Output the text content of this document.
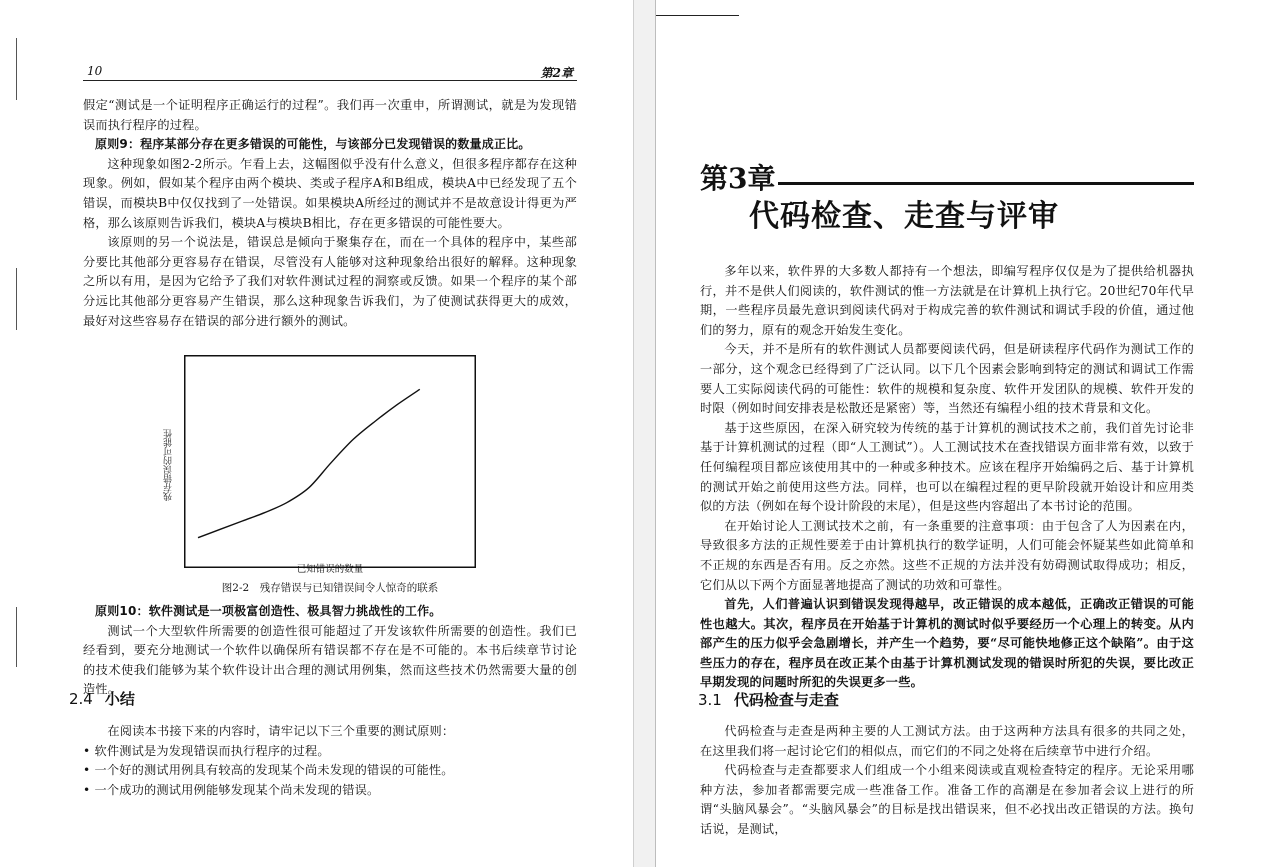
10	第2章

假定“测试是一个证明程序正确运行的过程”。我们再一次重申，所谓测试，就是为发现错误而执行程序的过程。

原则9：程序某部分存在更多错误的可能性，与该部分已发现错误的数量成正比。

这种现象如图2-2所示。乍看上去，这幅图似乎没有什么意义，但很多程序都存在这种现象。例如，假如某个程序由两个模块、类或子程序A和B组成，模块A中已经发现了五个错误，而模块B中仅仅找到了一处错误。如果模块A所经过的测试并不是故意设计得更为严格，那么该原则告诉我们，模块A与模块B相比，存在更多错误的可能性要大。

该原则的另一个说法是，错误总是倾向于聚集存在，而在一个具体的程序中，某些部分要比其他部分更容易存在错误，尽管没有人能够对这种现象给出很好的解释。这种现象之所以有用，是因为它给予了我们对软件测试过程的洞察或反馈。如果一个程序的某个部分远比其他部分更容易产生错误，那么这种现象告诉我们，为了使测试获得更大的成效，最好对这些容易存在错误的部分进行额外的测试。

残存错误的可能性
已知错误的数量
图2-2　残存错误与已知错误间令人惊奇的联系

原则10：软件测试是一项极富创造性、极具智力挑战性的工作。

测试一个大型软件所需要的创造性很可能超过了开发该软件所需要的创造性。我们已经看到，要充分地测试一个软件以确保所有错误都不存在是不可能的。本书后续章节讨论的技术使我们能够为某个软件设计出合理的测试用例集，然而这些技术仍然需要大量的创造性。

2.4 小结

在阅读本书接下来的内容时，请牢记以下三个重要的测试原则：

• 软件测试是为发现错误而执行程序的过程。

• 一个好的测试用例具有较高的发现某个尚未发现的错误的可能性。

• 一个成功的测试用例能够发现某个尚未发现的错误。

第3章
代码检查、走查与评审

多年以来，软件界的大多数人都持有一个想法，即编写程序仅仅是为了提供给机器执行，并不是供人们阅读的，软件测试的惟一方法就是在计算机上执行它。20世纪70年代早期，一些程序员最先意识到阅读代码对于构成完善的软件测试和调试手段的价值，通过他们的努力，原有的观念开始发生变化。

今天，并不是所有的软件测试人员都要阅读代码，但是研读程序代码作为测试工作的一部分，这个观念已经得到了广泛认同。以下几个因素会影响到特定的测试和调试工作需要人工实际阅读代码的可能性：软件的规模和复杂度、软件开发团队的规模、软件开发的时限（例如时间安排表是松散还是紧密）等，当然还有编程小组的技术背景和文化。

基于这些原因，在深入研究较为传统的基于计算机的测试技术之前，我们首先讨论非基于计算机测试的过程（即“人工测试”）。人工测试技术在查找错误方面非常有效，以致于任何编程项目都应该使用其中的一种或多种技术。应该在程序开始编码之后、基于计算机的测试开始之前使用这些方法。同样，也可以在编程过程的更早阶段就开始设计和应用类似的方法（例如在每个设计阶段的末尾），但是这些内容超出了本书讨论的范围。

在开始讨论人工测试技术之前，有一条重要的注意事项：由于包含了人为因素在内，导致很多方法的正规性要差于由计算机执行的数学证明，人们可能会怀疑某些如此简单和不正规的东西是否有用。反之亦然。这些不正规的方法并没有妨碍测试取得成功；相反，它们从以下两个方面显著地提高了测试的功效和可靠性。

首先，人们普遍认识到错误发现得越早，改正错误的成本越低，正确改正错误的可能性也越大。其次，程序员在开始基于计算机的测试时似乎要经历一个心理上的转变。从内部产生的压力似乎会急剧增长，并产生一个趋势，要“尽可能快地修正这个缺陷”。由于这些压力的存在，程序员在改正某个由基于计算机测试发现的错误时所犯的失误，要比改正早期发现的问题时所犯的失误更多一些。

3.1 代码检查与走查

代码检查与走查是两种主要的人工测试方法。由于这两种方法具有很多的共同之处，在这里我们将一起讨论它们的相似点，而它们的不同之处将在后续章节中进行介绍。

代码检查与走查都要求人们组成一个小组来阅读或直观检查特定的程序。无论采用哪种方法，参加者都需要完成一些准备工作。准备工作的高潮是在参加者会议上进行的所谓“头脑风暴会”。“头脑风暴会”的目标是找出错误来，但不必找出改正错误的方法。换句话说，是测试，
